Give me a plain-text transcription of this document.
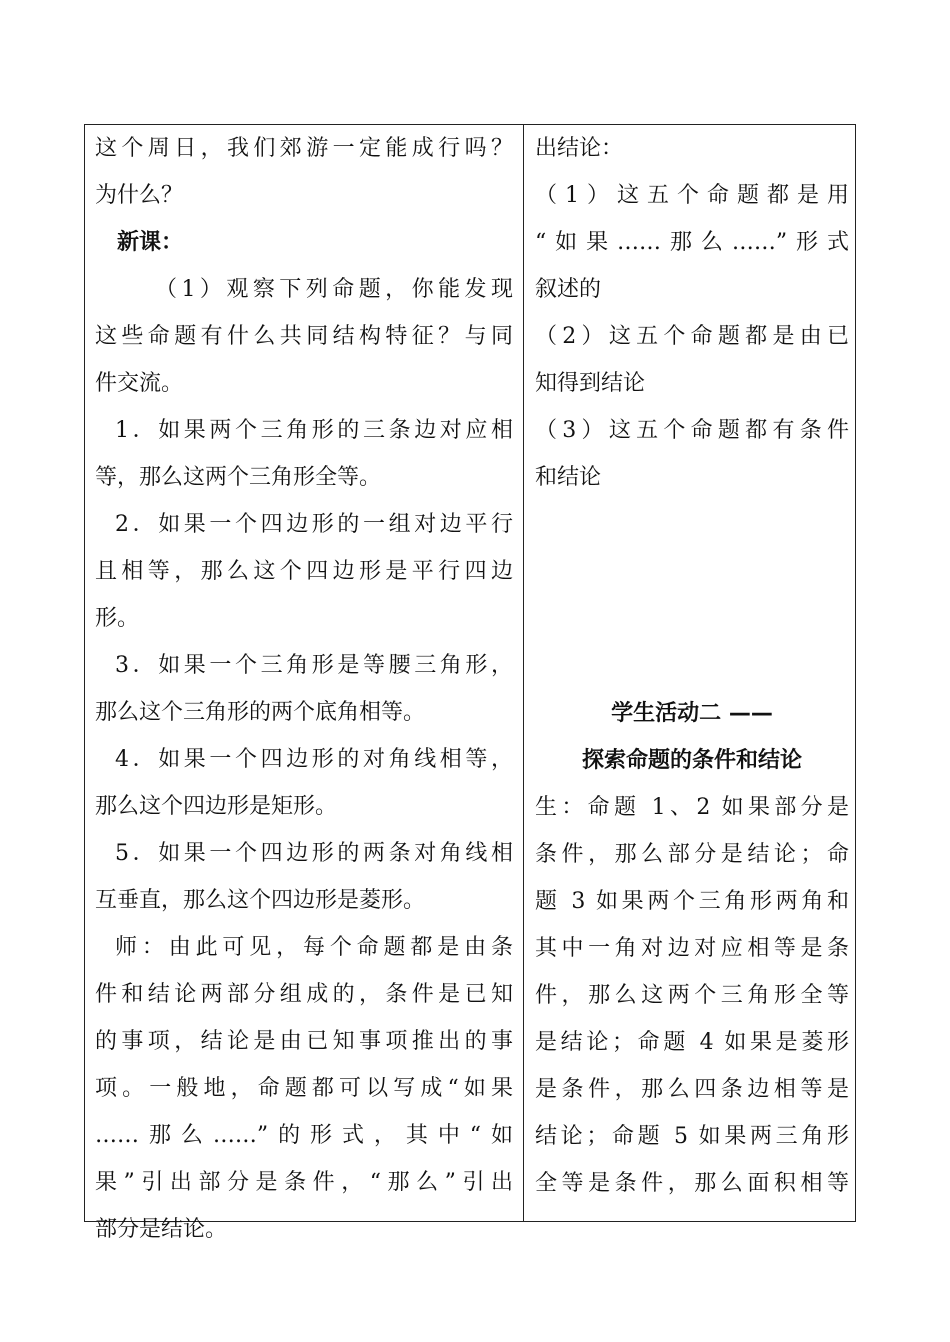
这个周日，我们郊游一定能成行吗？
为什么？
新课：
（1）观察下列命题，你能发现
这些命题有什么共同结构特征？与同
件交流。
1．如果两个三角形的三条边对应相
等，那么这两个三角形全等。
2．如果一个四边形的一组对边平行
且相等，那么这个四边形是平行四边
形。
3．如果一个三角形是等腰三角形，
那么这个三角形的两个底角相等。
4．如果一个四边形的对角线相等，
那么这个四边形是矩形。
5．如果一个四边形的两条对角线相
互垂直，那么这个四边形是菱形。
师：由此可见，每个命题都是由条
件和结论两部分组成的，条件是已知
的事项，结论是由已知事项推出的事
项。一般地，命题都可以写成“如果
……那么……”的形式，其中“如
果”引出部分是条件，“那么”引出
部分是结论。
出结论：
（1）这五个命题都是用
“如果……那么……”形式
叙述的
（2）这五个命题都是由已
知得到结论
（3）这五个命题都有条件
和结论
学生活动二 ——
探索命题的条件和结论
生：命题 1、2 如果部分是
条件，那么部分是结论；命
题 3 如果两个三角形两角和
其中一角对边对应相等是条
件，那么这两个三角形全等
是结论；命题 4 如果是菱形
是条件，那么四条边相等是
结论；命题 5 如果两三角形
全等是条件，那么面积相等
